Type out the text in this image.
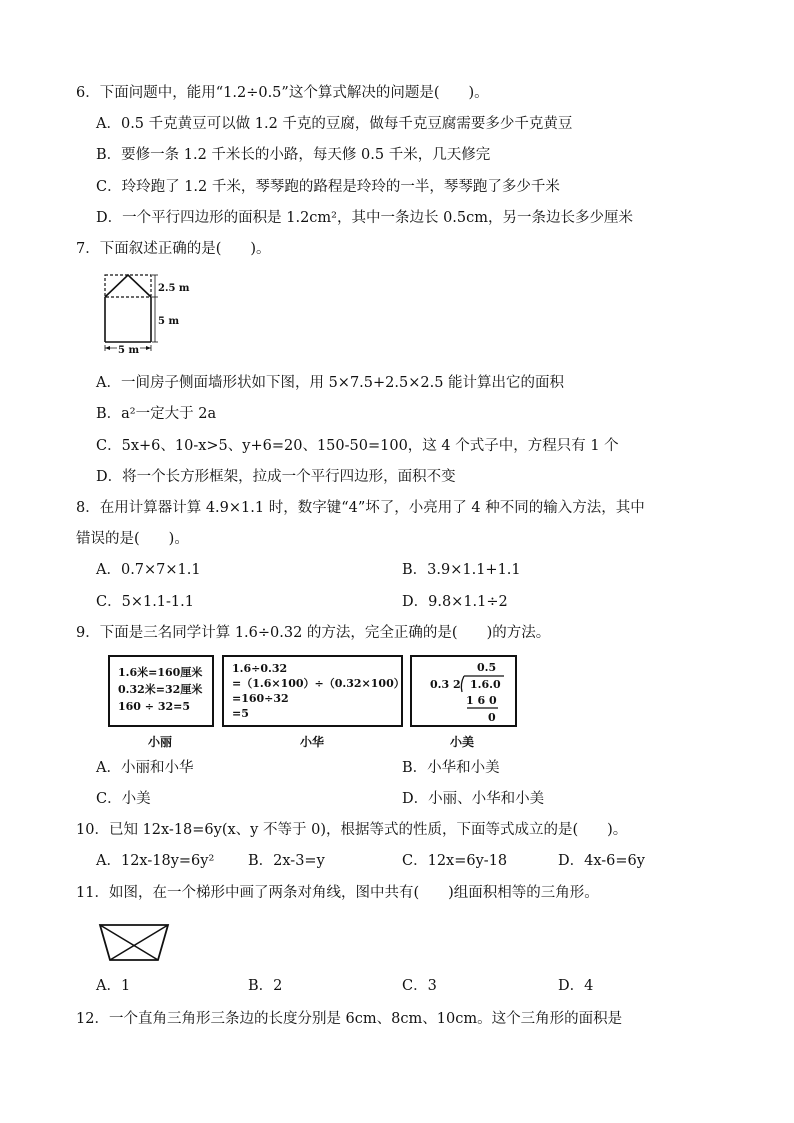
6．下面问题中，能用“1.2÷0.5”这个算式解决的问题是(　　)。
A．0.5 千克黄豆可以做 1.2 千克的豆腐，做每千克豆腐需要多少千克黄豆
B．要修一条 1.2 千米长的小路，每天修 0.5 千米，几天修完
C．玲玲跑了 1.2 千米，琴琴跑的路程是玲玲的一半，琴琴跑了多少千米
D．一个平行四边形的面积是 1.2cm²，其中一条边长 0.5cm，另一条边长多少厘米
7．下面叙述正确的是(　　)。
2.5 m
5 m
5 m
A．一间房子侧面墙形状如下图，用 5×7.5+2.5×2.5 能计算出它的面积
B．a²一定大于 2a
C．5x+6、10-x>5、y+6=20、150-50=100，这 4 个式子中，方程只有 1 个
D．将一个长方形框架，拉成一个平行四边形，面积不变
8．在用计算器计算 4.9×1.1 时，数字键“4”坏了，小亮用了 4 种不同的输入方法，其中
错误的是(　　)。
A．0.7×7×1.1	B．3.9×1.1+1.1
C．5×1.1-1.1	D．9.8×1.1÷2
9．下面是三名同学计算 1.6÷0.32 的方法，完全正确的是(　　)的方法。
1.6米=160厘米
0.32米=32厘米
160 ÷ 32=5
小丽
1.6÷0.32
=（1.6×100）÷（0.32×100）
=160÷32
=5
小华
0.5
0.3 2 1.6.0
1 6 0
0
小美
A．小丽和小华	B．小华和小美
C．小美	D．小丽、小华和小美
10．已知 12x-18=6y(x、y 不等于 0)，根据等式的性质，下面等式成立的是(　　)。
A．12x-18y=6y² B．2x-3=y	C．12x=6y-18	D．4x-6=6y
11．如图，在一个梯形中画了两条对角线，图中共有(　　)组面积相等的三角形。
A．1	B．2	C．3	D．4
12．一个直角三角形三条边的长度分别是 6cm、8cm、10cm。这个三角形的面积是
